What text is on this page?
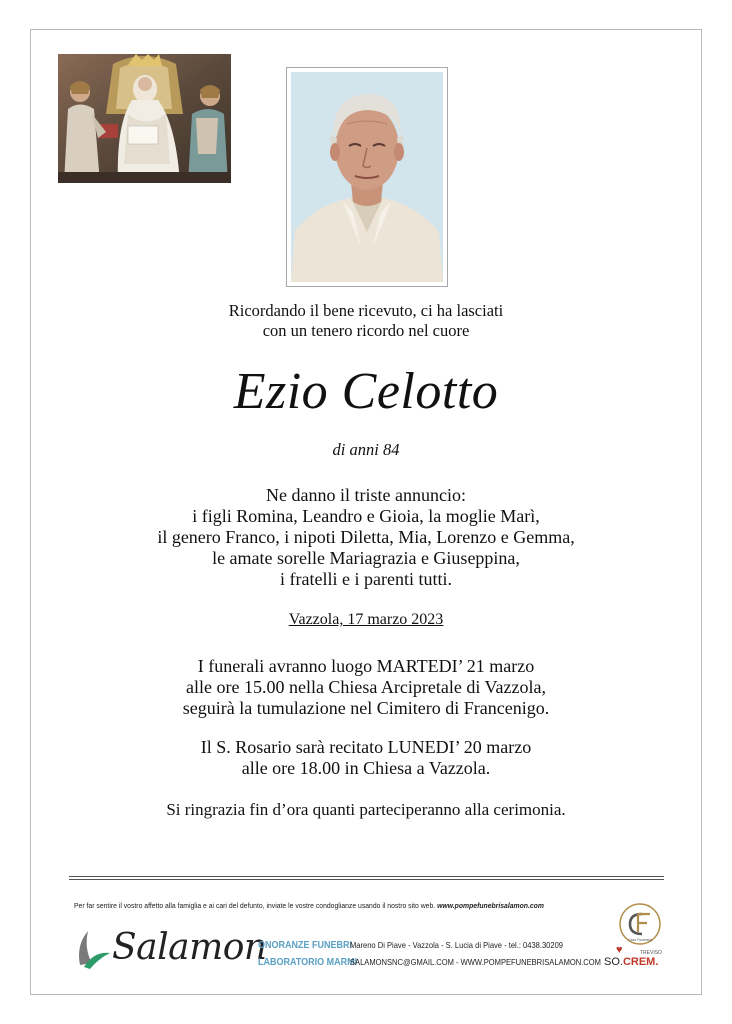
Ricordando il bene ricevuto, ci ha lasciati
con un tenero ricordo nel cuore
Ezio Celotto
di anni 84
Ne danno il triste annuncio:
i figli Romina, Leandro e Gioia, la moglie Marì,
il genero Franco, i nipoti Diletta, Mia, Lorenzo e Gemma,
le amate sorelle Mariagrazia e Giuseppina,
i fratelli e i parenti tutti.
Vazzola, 17 marzo 2023
I funerali avranno luogo MARTEDI’ 21 marzo
alle ore 15.00 nella Chiesa Arcipretale di Vazzola,
seguirà la tumulazione nel Cimitero di Francenigo.
Il S. Rosario sarà recitato LUNEDI’ 20 marzo
alle ore 18.00 in Chiesa a Vazzola.
Si ringrazia fin d’ora quanti parteciperanno alla cerimonia.
Per far sentire il vostro affetto alla famiglia e ai cari del defunto, inviate le vostre condoglianze usando il nostro sito web. www.pompefunebrisalamon.com
Salamon
ONORANZE FUNEBRI
LABORATORIO MARMI
Mareno Di Piave - Vazzola - S. Lucia di Piave - tel.: 0438.30209
SALAMONSNC@GMAIL.COM - WWW.POMPEFUNEBRISALAMON.COM
Casa Funeraria
TREVISO
♥
SO.CREM.
